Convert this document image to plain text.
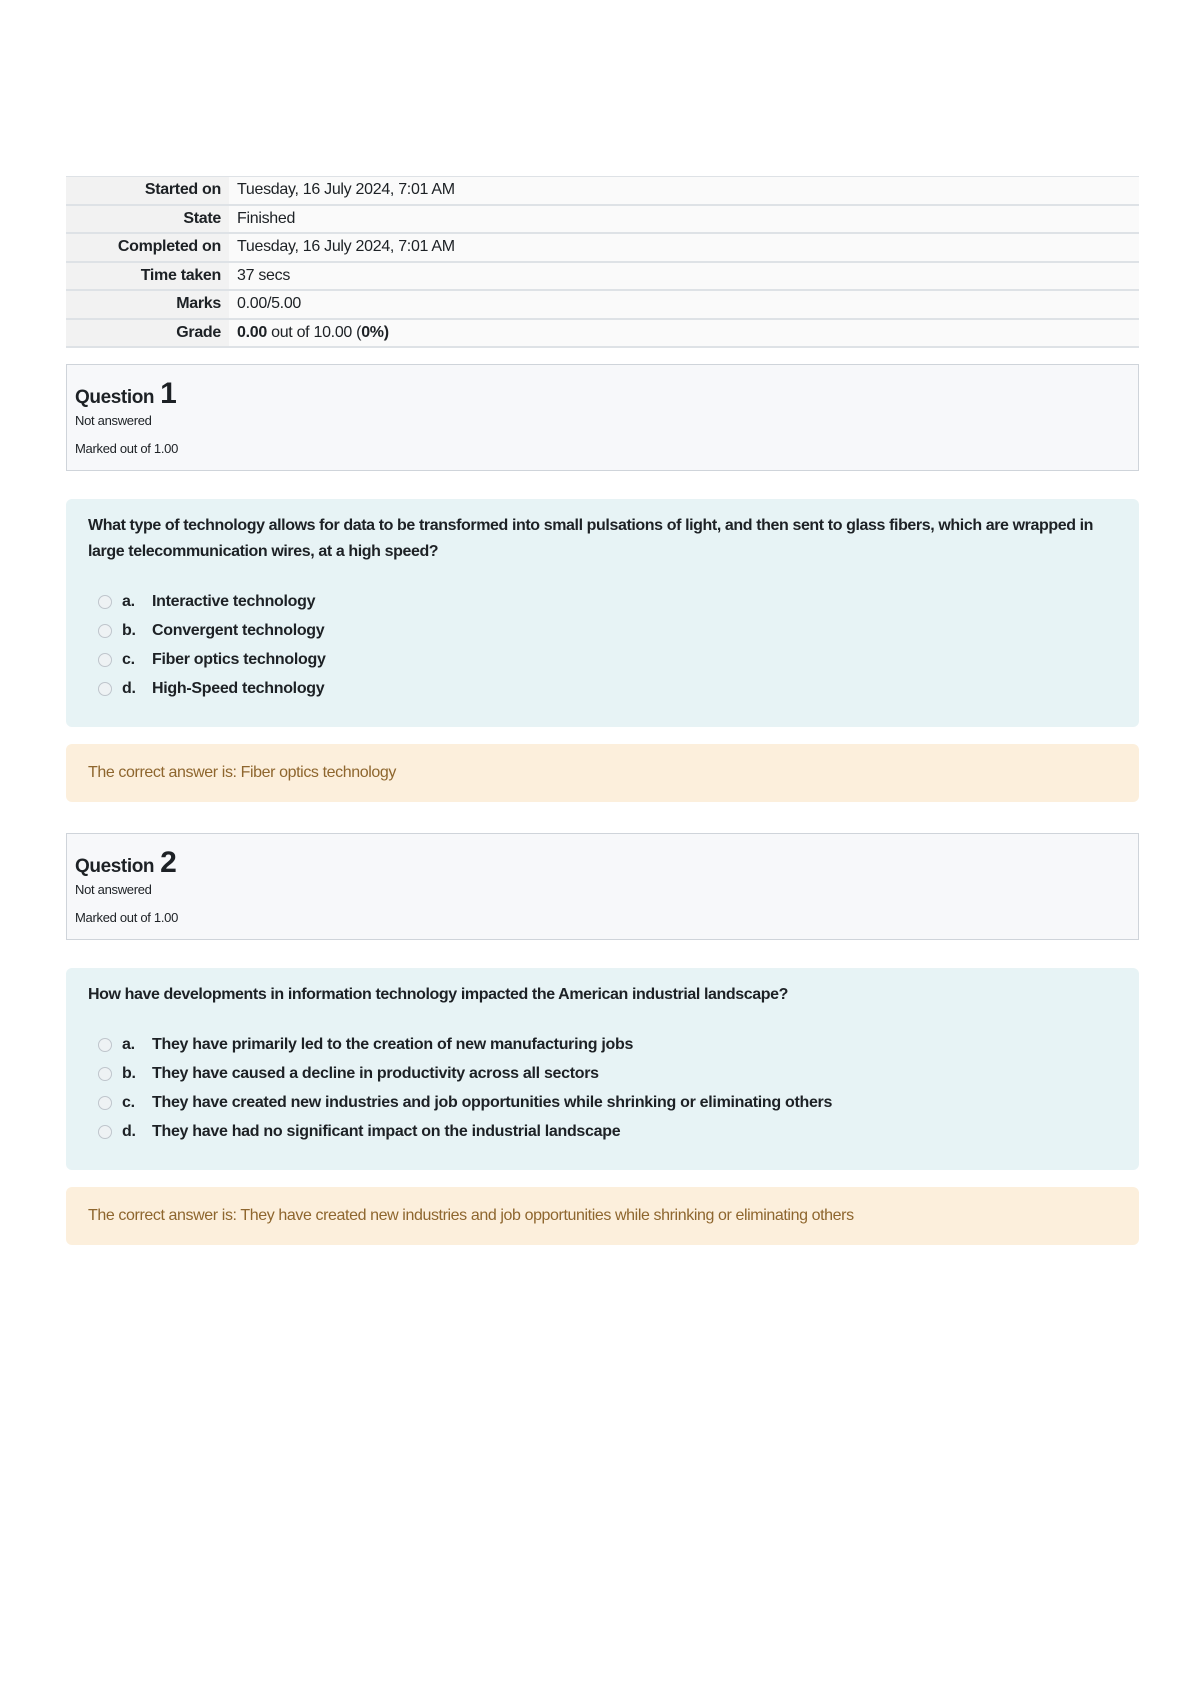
Started on	Tuesday, 16 July 2024, 7:01 AM
State	Finished
Completed on	Tuesday, 16 July 2024, 7:01 AM
Time taken	37 secs
Marks	0.00/5.00
Grade	0.00 out of 10.00 (0%)
Question 1
Not answered
Marked out of 1.00
What type of technology allows for data to be transformed into small pulsations of light, and then sent to glass fibers, which are wrapped in large telecommunication wires, at a high speed?
a.	Interactive technology
b.	Convergent technology
c.	Fiber optics technology
d.	High-Speed technology
The correct answer is: Fiber optics technology
Question 2
Not answered
Marked out of 1.00
How have developments in information technology impacted the American industrial landscape?
a.	They have primarily led to the creation of new manufacturing jobs
b.	They have caused a decline in productivity across all sectors
c.	They have created new industries and job opportunities while shrinking or eliminating others
d.	They have had no significant impact on the industrial landscape
The correct answer is: They have created new industries and job opportunities while shrinking or eliminating others
